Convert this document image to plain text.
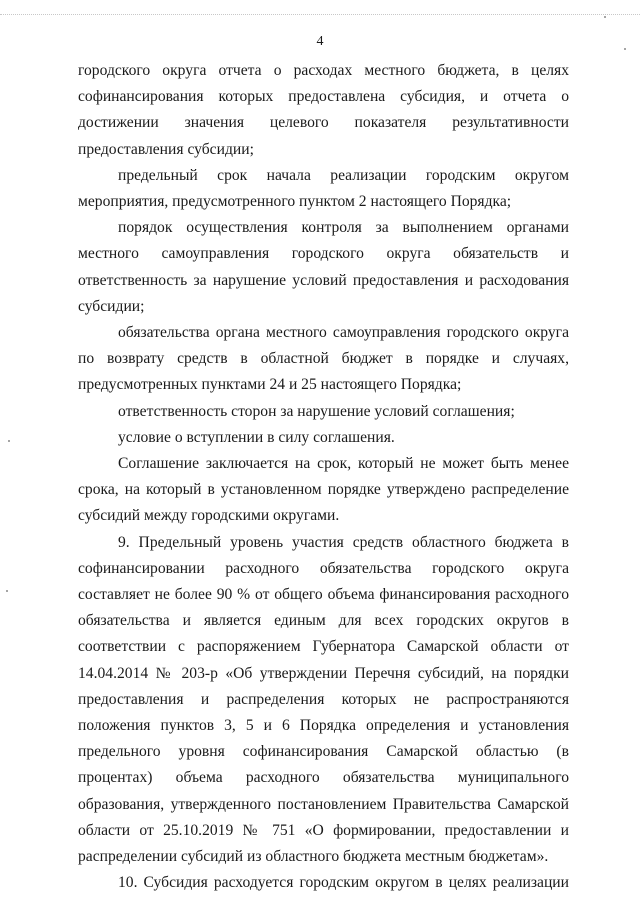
4

городского округа отчета о расходах местного бюджета, в целях софинансирования которых предоставлена субсидия, и отчета о достижении значения целевого показателя результативности предоставления субсидии;

предельный срок начала реализации городским округом мероприятия, предусмотренного пунктом 2 настоящего Порядка;

порядок осуществления контроля за выполнением органами местного самоуправления городского округа обязательств и ответственность за нарушение условий предоставления и расходования субсидии;

обязательства органа местного самоуправления городского округа по возврату средств в областной бюджет в порядке и случаях, предусмотренных пунктами 24 и 25 настоящего Порядка;

ответственность сторон за нарушение условий соглашения;

условие о вступлении в силу соглашения.

Соглашение заключается на срок, который не может быть менее срока, на который в установленном порядке утверждено распределение субсидий между городскими округами.

9. Предельный уровень участия средств областного бюджета в софинансировании расходного обязательства городского округа составляет не более 90 % от общего объема финансирования расходного обязательства и является единым для всех городских округов в соответствии с распоряжением Губернатора Самарской области от 14.04.2014 № 203-р «Об утверждении Перечня субсидий, на порядки предоставления и распределения которых не распространяются положения пунктов 3, 5 и 6 Порядка определения и установления предельного уровня софинансирования Самарской областью (в процентах) объема расходного обязательства муниципального образования, утвержденного постановлением Правительства Самарской области от 25.10.2019 № 751 «О формировании, предоставлении и распределении субсидий из областного бюджета местным бюджетам».

10. Субсидия расходуется городским округом в целях реализации
